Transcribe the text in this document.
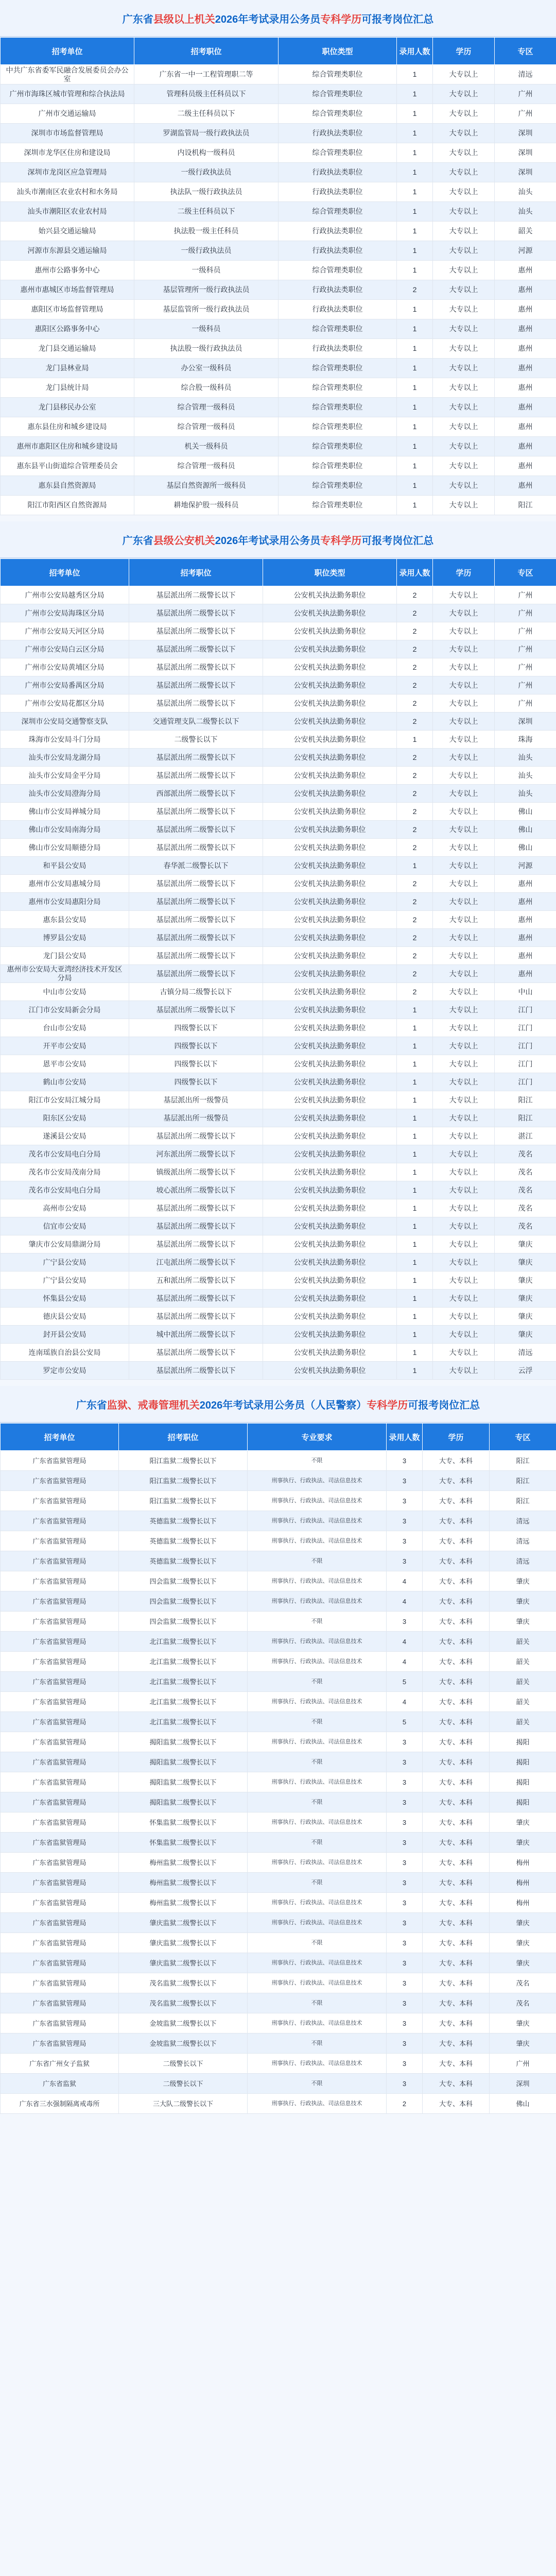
广东省 县级以上机关 2026年考试录用公务员 专科学历 可报考岗位汇总
招考单位	招考职位	职位类型	录用人数	学历	专区
中共广东省委军民融合发展委员会办公室	广东省一中一工程管理职二等	综合管理类职位	1	大专以上	清远
广州市海珠区城市管理和综合执法局	管理科员级主任科员以下	综合管理类职位	1	大专以上	广州
广州市交通运输局	二级主任科员以下	综合管理类职位	1	大专以上	广州
深圳市市场监督管理局	罗湖监管局一级行政执法员	行政执法类职位	1	大专以上	深圳
深圳市龙华区住房和建设局	内设机构一级科员	综合管理类职位	1	大专以上	深圳
深圳市龙岗区应急管理局	一级行政执法员	行政执法类职位	1	大专以上	深圳
汕头市潮南区农业农村和水务局	执法队一级行政执法员	行政执法类职位	1	大专以上	汕头
汕头市潮阳区农业农村局	二级主任科员以下	综合管理类职位	1	大专以上	汕头
始兴县交通运输局	执法股一级主任科员	行政执法类职位	1	大专以上	韶关
河源市东源县交通运输局	一级行政执法员	行政执法类职位	1	大专以上	河源
惠州市公路事务中心	一级科员	综合管理类职位	1	大专以上	惠州
惠州市惠城区市场监督管理局	基层管理所一级行政执法员	行政执法类职位	2	大专以上	惠州
惠阳区市场监督管理局	基层监管所一级行政执法员	行政执法类职位	1	大专以上	惠州
惠阳区公路事务中心	一级科员	综合管理类职位	1	大专以上	惠州
龙门县交通运输局	执法股一级行政执法员	行政执法类职位	1	大专以上	惠州
龙门县林业局	办公室一级科员	综合管理类职位	1	大专以上	惠州
龙门县统计局	综合股一级科员	综合管理类职位	1	大专以上	惠州
龙门县移民办公室	综合管理一级科员	综合管理类职位	1	大专以上	惠州
惠东县住房和城乡建设局	综合管理一级科员	综合管理类职位	1	大专以上	惠州
惠州市惠阳区住房和城乡建设局	机关一级科员	综合管理类职位	1	大专以上	惠州
惠东县平山街道综合管理委员会	综合管理一级科员	综合管理类职位	1	大专以上	惠州
惠东县自然资源局	基层自然资源所一级科员	综合管理类职位	1	大专以上	惠州
阳江市阳西区自然资源局	耕地保护股一级科员	综合管理类职位	1	大专以上	阳江
广东省 县级公安机关 2026年考试录用公务员 专科学历 可报考岗位汇总
招考单位	招考职位	职位类型	录用人数	学历	专区
广州市公安局越秀区分局	基层派出所二级警长以下	公安机关执法勤务职位	2	大专以上	广州
广州市公安局海珠区分局	基层派出所二级警长以下	公安机关执法勤务职位	2	大专以上	广州
广州市公安局天河区分局	基层派出所二级警长以下	公安机关执法勤务职位	2	大专以上	广州
广州市公安局白云区分局	基层派出所二级警长以下	公安机关执法勤务职位	2	大专以上	广州
广州市公安局黄埔区分局	基层派出所二级警长以下	公安机关执法勤务职位	2	大专以上	广州
广州市公安局番禺区分局	基层派出所二级警长以下	公安机关执法勤务职位	2	大专以上	广州
广州市公安局花都区分局	基层派出所二级警长以下	公安机关执法勤务职位	2	大专以上	广州
深圳市公安局交通警察支队	交通管理支队二级警长以下	公安机关执法勤务职位	2	大专以上	深圳
珠海市公安局斗门分局	二级警长以下	公安机关执法勤务职位	1	大专以上	珠海
汕头市公安局龙湖分局	基层派出所二级警长以下	公安机关执法勤务职位	2	大专以上	汕头
汕头市公安局金平分局	基层派出所二级警长以下	公安机关执法勤务职位	2	大专以上	汕头
汕头市公安局澄海分局	西部派出所二级警长以下	公安机关执法勤务职位	2	大专以上	汕头
佛山市公安局禅城分局	基层派出所二级警长以下	公安机关执法勤务职位	2	大专以上	佛山
佛山市公安局南海分局	基层派出所二级警长以下	公安机关执法勤务职位	2	大专以上	佛山
佛山市公安局顺德分局	基层派出所二级警长以下	公安机关执法勤务职位	2	大专以上	佛山
和平县公安局	春华派二级警长以下	公安机关执法勤务职位	1	大专以上	河源
惠州市公安局惠城分局	基层派出所二级警长以下	公安机关执法勤务职位	2	大专以上	惠州
惠州市公安局惠阳分局	基层派出所二级警长以下	公安机关执法勤务职位	2	大专以上	惠州
惠东县公安局	基层派出所二级警长以下	公安机关执法勤务职位	2	大专以上	惠州
博罗县公安局	基层派出所二级警长以下	公安机关执法勤务职位	2	大专以上	惠州
龙门县公安局	基层派出所二级警长以下	公安机关执法勤务职位	2	大专以上	惠州
惠州市公安局大亚湾经济技术开发区分局	基层派出所二级警长以下	公安机关执法勤务职位	2	大专以上	惠州
中山市公安局	古镇分局二级警长以下	公安机关执法勤务职位	2	大专以上	中山
江门市公安局新会分局	基层派出所二级警长以下	公安机关执法勤务职位	1	大专以上	江门
台山市公安局	四级警长以下	公安机关执法勤务职位	1	大专以上	江门
开平市公安局	四级警长以下	公安机关执法勤务职位	1	大专以上	江门
恩平市公安局	四级警长以下	公安机关执法勤务职位	1	大专以上	江门
鹤山市公安局	四级警长以下	公安机关执法勤务职位	1	大专以上	江门
阳江市公安局江城分局	基层派出所一级警员	公安机关执法勤务职位	1	大专以上	阳江
阳东区公安局	基层派出所一级警员	公安机关执法勤务职位	1	大专以上	阳江
遂溪县公安局	基层派出所二级警长以下	公安机关执法勤务职位	1	大专以上	湛江
茂名市公安局电白分局	河东派出所二级警长以下	公安机关执法勤务职位	1	大专以上	茂名
茂名市公安局茂南分局	镇级派出所二级警长以下	公安机关执法勤务职位	1	大专以上	茂名
茂名市公安局电白分局	坡心派出所二级警长以下	公安机关执法勤务职位	1	大专以上	茂名
高州市公安局	基层派出所二级警长以下	公安机关执法勤务职位	1	大专以上	茂名
信宜市公安局	基层派出所二级警长以下	公安机关执法勤务职位	1	大专以上	茂名
肇庆市公安局鼎湖分局	基层派出所二级警长以下	公安机关执法勤务职位	1	大专以上	肇庆
广宁县公安局	江屯派出所二级警长以下	公安机关执法勤务职位	1	大专以上	肇庆
广宁县公安局	五和派出所二级警长以下	公安机关执法勤务职位	1	大专以上	肇庆
怀集县公安局	基层派出所二级警长以下	公安机关执法勤务职位	1	大专以上	肇庆
德庆县公安局	基层派出所二级警长以下	公安机关执法勤务职位	1	大专以上	肇庆
封开县公安局	城中派出所二级警长以下	公安机关执法勤务职位	1	大专以上	肇庆
连南瑶族自治县公安局	基层派出所二级警长以下	公安机关执法勤务职位	1	大专以上	清远
罗定市公安局	基层派出所二级警长以下	公安机关执法勤务职位	1	大专以上	云浮
广东省 监狱、戒毒管理机关 2026年考试录用公务员（人民警察） 专科学历 可报考岗位汇总
招考单位	招考职位	专业要求	录用人数	学历	专区
广东省监狱管理局	阳江监狱二级警长以下	不限	3	大专、本科	阳江
广东省监狱管理局	阳江监狱二级警长以下	刑事执行、行政执法、司法信息技术	3	大专、本科	阳江
广东省监狱管理局	阳江监狱二级警长以下	刑事执行、行政执法、司法信息技术	3	大专、本科	阳江
广东省监狱管理局	英德监狱二级警长以下	刑事执行、行政执法、司法信息技术	3	大专、本科	清远
广东省监狱管理局	英德监狱二级警长以下	刑事执行、行政执法、司法信息技术	3	大专、本科	清远
广东省监狱管理局	英德监狱二级警长以下	不限	3	大专、本科	清远
广东省监狱管理局	四会监狱二级警长以下	刑事执行、行政执法、司法信息技术	4	大专、本科	肇庆
广东省监狱管理局	四会监狱二级警长以下	刑事执行、行政执法、司法信息技术	4	大专、本科	肇庆
广东省监狱管理局	四会监狱二级警长以下	不限	3	大专、本科	肇庆
广东省监狱管理局	北江监狱二级警长以下	刑事执行、行政执法、司法信息技术	4	大专、本科	韶关
广东省监狱管理局	北江监狱二级警长以下	刑事执行、行政执法、司法信息技术	4	大专、本科	韶关
广东省监狱管理局	北江监狱二级警长以下	不限	5	大专、本科	韶关
广东省监狱管理局	北江监狱二级警长以下	刑事执行、行政执法、司法信息技术	4	大专、本科	韶关
广东省监狱管理局	北江监狱二级警长以下	不限	5	大专、本科	韶关
广东省监狱管理局	揭阳监狱二级警长以下	刑事执行、行政执法、司法信息技术	3	大专、本科	揭阳
广东省监狱管理局	揭阳监狱二级警长以下	不限	3	大专、本科	揭阳
广东省监狱管理局	揭阳监狱二级警长以下	刑事执行、行政执法、司法信息技术	3	大专、本科	揭阳
广东省监狱管理局	揭阳监狱二级警长以下	不限	3	大专、本科	揭阳
广东省监狱管理局	怀集监狱二级警长以下	刑事执行、行政执法、司法信息技术	3	大专、本科	肇庆
广东省监狱管理局	怀集监狱二级警长以下	不限	3	大专、本科	肇庆
广东省监狱管理局	梅州监狱二级警长以下	刑事执行、行政执法、司法信息技术	3	大专、本科	梅州
广东省监狱管理局	梅州监狱二级警长以下	不限	3	大专、本科	梅州
广东省监狱管理局	梅州监狱二级警长以下	刑事执行、行政执法、司法信息技术	3	大专、本科	梅州
广东省监狱管理局	肇庆监狱二级警长以下	刑事执行、行政执法、司法信息技术	3	大专、本科	肇庆
广东省监狱管理局	肇庆监狱二级警长以下	不限	3	大专、本科	肇庆
广东省监狱管理局	肇庆监狱二级警长以下	刑事执行、行政执法、司法信息技术	3	大专、本科	肇庆
广东省监狱管理局	茂名监狱二级警长以下	刑事执行、行政执法、司法信息技术	3	大专、本科	茂名
广东省监狱管理局	茂名监狱二级警长以下	不限	3	大专、本科	茂名
广东省监狱管理局	金坡监狱二级警长以下	刑事执行、行政执法、司法信息技术	3	大专、本科	肇庆
广东省监狱管理局	金坡监狱二级警长以下	不限	3	大专、本科	肇庆
广东省广州女子监狱	二级警长以下	刑事执行、行政执法、司法信息技术	3	大专、本科	广州
广东省监狱	二级警长以下	不限	3	大专、本科	深圳
广东省三水强制隔离戒毒所	三大队二级警长以下	刑事执行、行政执法、司法信息技术	2	大专、本科	佛山
